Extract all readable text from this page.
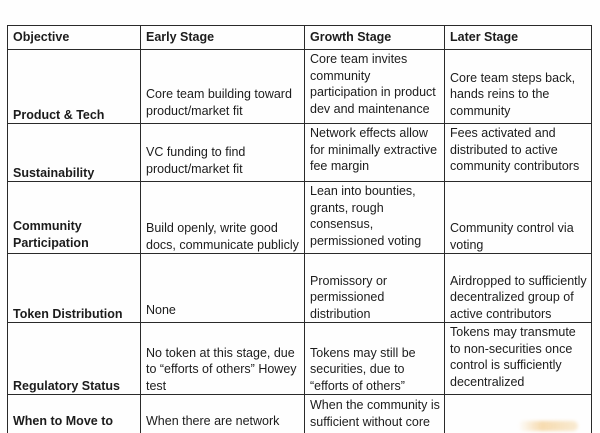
Objective	Early Stage	Growth Stage	Later Stage
Product & Tech	Core team building toward product/market fit	Core team invites community participation in product dev and maintenance	Core team steps back, hands reins to the community
Sustainability	VC funding to find product/market fit	Network effects allow for minimally extractive fee margin	Fees activated and distributed to active community contributors
Community Participation	Build openly, write good docs, communicate publicly	Lean into bounties, grants, rough consensus, permissioned voting	Community control via voting
Token Distribution	None	Promissory or permissioned distribution	Airdropped to sufficiently decentralized group of active contributors
Regulatory Status	No token at this stage, due to “efforts of others” Howey test	Tokens may still be securities, due to “efforts of others”	Tokens may transmute to non-securities once control is sufficiently decentralized
When to Move to	When there are network	When the community is sufficient without core	
